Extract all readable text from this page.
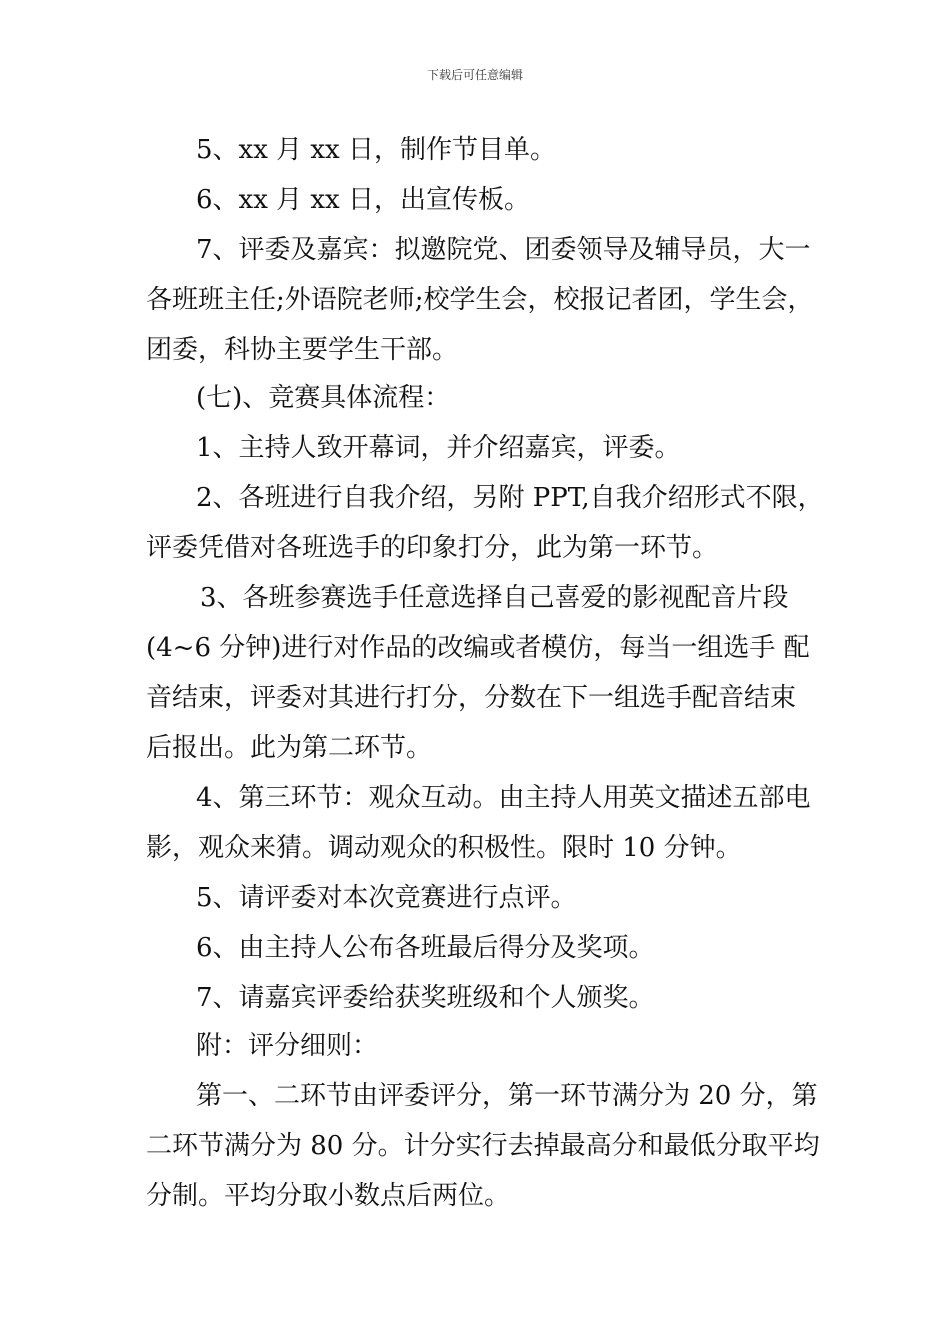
下载后可任意编辑
5、xx 月 xx 日，制作节目单。
6、xx 月 xx 日，出宣传板。
7、评委及嘉宾：拟邀院党、团委领导及辅导员，大一
各班班主任;外语院老师;校学生会，校报记者团，学生会，
团委，科协主要学生干部。
(七)、竞赛具体流程：
1、主持人致开幕词，并介绍嘉宾，评委。
2、各班进行自我介绍，另附 PPT,自我介绍形式不限，
评委凭借对各班选手的印象打分，此为第一环节。
3、各班参赛选手任意选择自己喜爱的影视配音片段
(4~6 分钟)进行对作品的改编或者模仿，每当一组选手 配
音结束，评委对其进行打分，分数在下一组选手配音结束
后报出。此为第二环节。
4、第三环节：观众互动。由主持人用英文描述五部电
影，观众来猜。调动观众的积极性。限时 10 分钟。
5、请评委对本次竞赛进行点评。
6、由主持人公布各班最后得分及奖项。
7、请嘉宾评委给获奖班级和个人颁奖。
附：评分细则：
第一、二环节由评委评分，第一环节满分为 20 分，第
二环节满分为 80 分。计分实行去掉最高分和最低分取平均
分制。平均分取小数点后两位。
